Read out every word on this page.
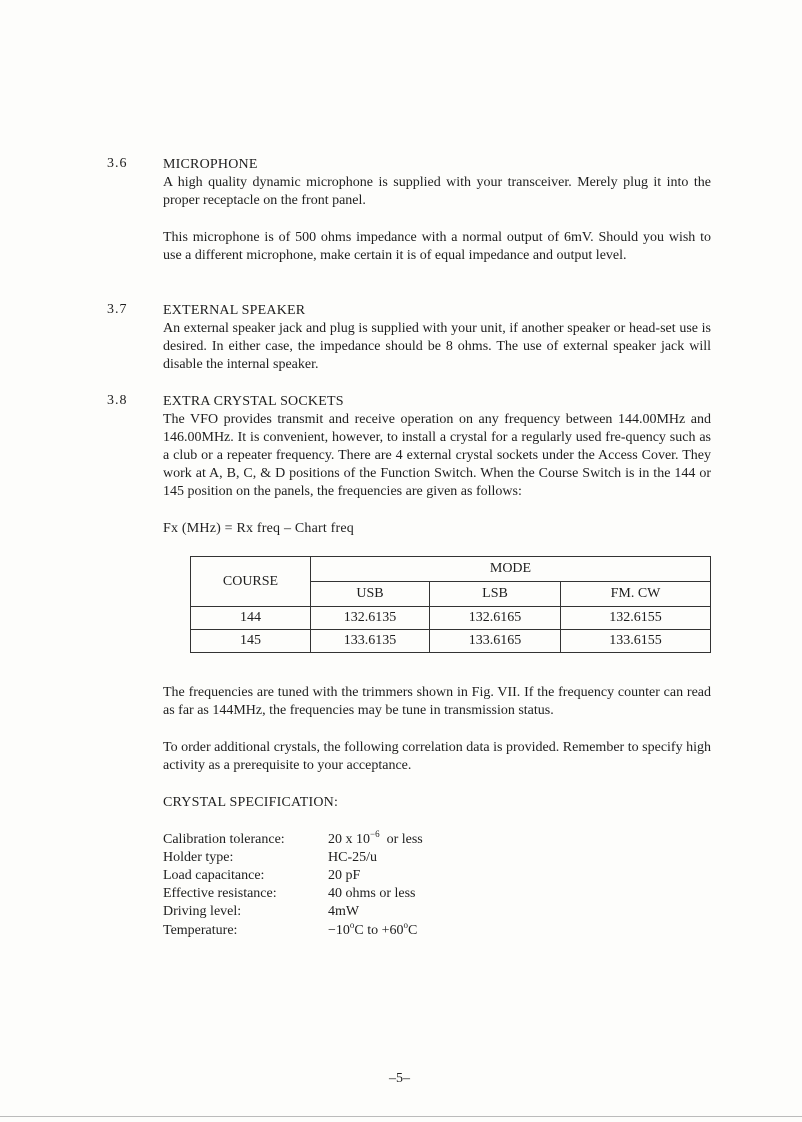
3.6	MICROPHONE
A high quality dynamic microphone is supplied with your transceiver. Merely plug it into the proper receptacle on the front panel.
This microphone is of 500 ohms impedance with a normal output of 6mV. Should you wish to use a different microphone, make certain it is of equal impedance and output level.
3.7	EXTERNAL SPEAKER
An external speaker jack and plug is supplied with your unit, if another speaker or head-set use is desired. In either case, the impedance should be 8 ohms. The use of external speaker jack will disable the internal speaker.
3.8	EXTRA CRYSTAL SOCKETS
The VFO provides transmit and receive operation on any frequency between 144.00MHz and 146.00MHz. It is convenient, however, to install a crystal for a regularly used fre-quency such as a club or a repeater frequency. There are 4 external crystal sockets under the Access Cover. They work at A, B, C, & D positions of the Function Switch. When the Course Switch is in the 144 or 145 position on the panels, the frequencies are given as follows:
Fx (MHz) = Rx freq – Chart freq
COURSE	MODE		
	USB	LSB	FM. CW
144	132.6135	132.6165	132.6155
145	133.6135	133.6165	133.6155
The frequencies are tuned with the trimmers shown in Fig. VII. If the frequency counter can read as far as 144MHz, the frequencies may be tune in transmission status.
To order additional crystals, the following correlation data is provided. Remember to specify high activity as a prerequisite to your acceptance.
CRYSTAL SPECIFICATION:
Calibration tolerance:	20 x $10^{-6}$  or less
Holder type:	HC-25/u
Load capacitance:	20 pF
Effective resistance:	40 ohms or less
Driving level:	4mW
Temperature:	$-10^oC$ to $+60^oC$
–5–
